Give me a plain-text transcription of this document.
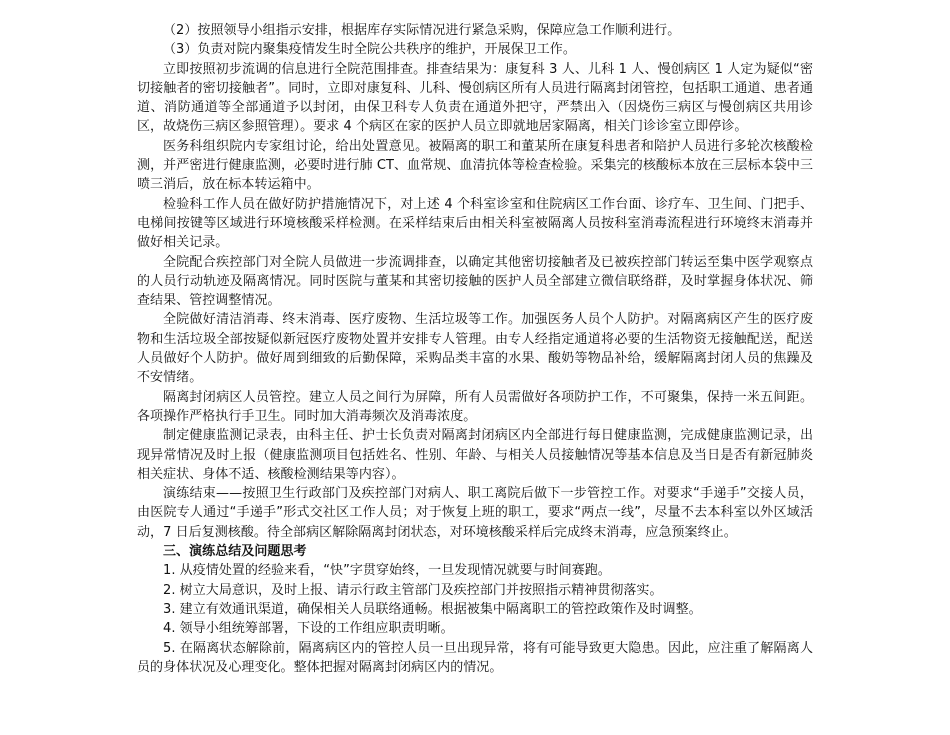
（2）按照领导小组指示安排，根据库存实际情况进行紧急采购，保障应急工作顺利进行。

（3）负责对院内聚集疫情发生时全院公共秩序的维护，开展保卫工作。

立即按照初步流调的信息进行全院范围排查。排查结果为：康复科 3 人、儿科 1 人、慢创病区 1 人定为疑似“密切接触者的密切接触者”。同时，立即对康复科、儿科、慢创病区所有人员进行隔离封闭管控，包括职工通道、患者通道、消防通道等全部通道予以封闭，由保卫科专人负责在通道外把守，严禁出入（因烧伤三病区与慢创病区共用诊区，故烧伤三病区参照管理）。要求 4 个病区在家的医护人员立即就地居家隔离，相关门诊诊室立即停诊。

医务科组织院内专家组讨论，给出处置意见。被隔离的职工和董某所在康复科患者和陪护人员进行多轮次核酸检测，并严密进行健康监测，必要时进行肺 CT、血常规、血清抗体等检查检验。采集完的核酸标本放在三层标本袋中三喷三消后，放在标本转运箱中。

检验科工作人员在做好防护措施情况下，对上述 4 个科室诊室和住院病区工作台面、诊疗车、卫生间、门把手、电梯间按键等区域进行环境核酸采样检测。在采样结束后由相关科室被隔离人员按科室消毒流程进行环境终末消毒并做好相关记录。

全院配合疾控部门对全院人员做进一步流调排查，以确定其他密切接触者及已被疾控部门转运至集中医学观察点的人员行动轨迹及隔离情况。同时医院与董某和其密切接触的医护人员全部建立微信联络群，及时掌握身体状况、筛查结果、管控调整情况。

全院做好清洁消毒、终末消毒、医疗废物、生活垃圾等工作。加强医务人员个人防护。对隔离病区产生的医疗废物和生活垃圾全部按疑似新冠医疗废物处置并安排专人管理。由专人经指定通道将必要的生活物资无接触配送，配送人员做好个人防护。做好周到细致的后勤保障，采购品类丰富的水果、酸奶等物品补给，缓解隔离封闭人员的焦躁及不安情绪。

隔离封闭病区人员管控。建立人员之间行为屏障，所有人员需做好各项防护工作，不可聚集，保持一米五间距。各项操作严格执行手卫生。同时加大消毒频次及消毒浓度。

制定健康监测记录表，由科主任、护士长负责对隔离封闭病区内全部进行每日健康监测，完成健康监测记录，出现异常情况及时上报（健康监测项目包括姓名、性别、年龄、与相关人员接触情况等基本信息及当日是否有新冠肺炎相关症状、身体不适、核酸检测结果等内容）。

演练结束——按照卫生行政部门及疾控部门对病人、职工离院后做下一步管控工作。对要求“手递手”交接人员，由医院专人通过“手递手”形式交社区工作人员；对于恢复上班的职工，要求“两点一线”，尽量不去本科室以外区域活动，7 日后复测核酸。待全部病区解除隔离封闭状态，对环境核酸采样后完成终末消毒，应急预案终止。

三、演练总结及问题思考

1. 从疫情处置的经验来看，“快”字贯穿始终，一旦发现情况就要与时间赛跑。

2. 树立大局意识，及时上报、请示行政主管部门及疾控部门并按照指示精神贯彻落实。

3. 建立有效通讯渠道，确保相关人员联络通畅。根据被集中隔离职工的管控政策作及时调整。

4. 领导小组统筹部署，下设的工作组应职责明晰。

5. 在隔离状态解除前，隔离病区内的管控人员一旦出现异常，将有可能导致更大隐患。因此，应注重了解隔离人员的身体状况及心理变化。整体把握对隔离封闭病区内的情况。
